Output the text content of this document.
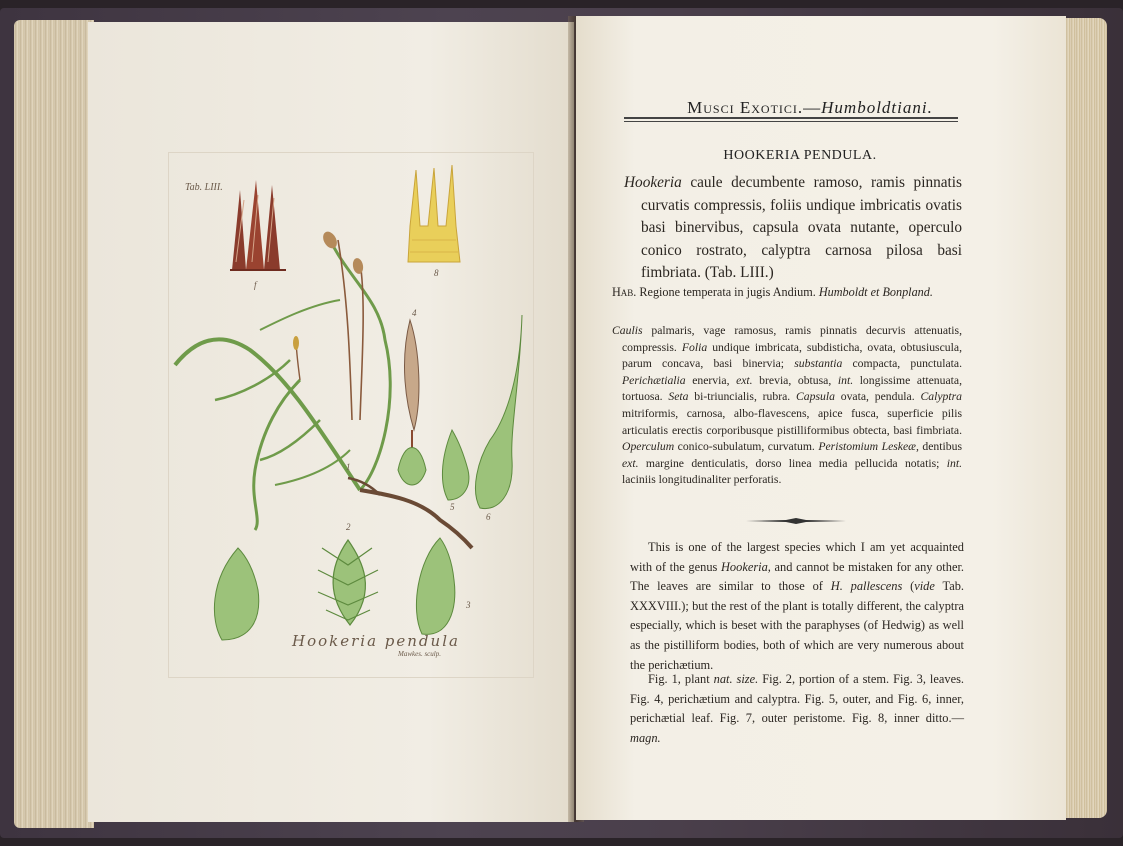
Tab. LIII.
f
8
4
1
5
6
2
3
Hookeria pendula
Mawkes. sculp.
Musci Exotici.—Humboldtiani.
HOOKERIA PENDULA.
Hookeria caule decumbente ramoso, ramis pinnatis curvatis compressis, foliis undique imbricatis ovatis basi binervibus, capsula ovata nutante, operculo conico rostrato, calyptra carnosa pilosa basi fimbriata. (Tab. LIII.)
Hab. Regione temperata in jugis Andium. Humboldt et Bonpland.
Caulis palmaris, vage ramosus, ramis pinnatis decurvis attenuatis, compressis. Folia undique imbricata, subdisticha, ovata, obtusiuscula, parum concava, basi binervia; substantia compacta, punctulata. Perichætialia enervia, ext. brevia, obtusa, int. longissime attenuata, tortuosa. Seta bi-triuncialis, rubra. Capsula ovata, pendula. Calyptra mitriformis, carnosa, albo-flavescens, apice fusca, superficie pilis articulatis erectis corporibusque pistilliformibus obtecta, basi fimbriata. Operculum conico-subulatum, curvatum. Peristomium Leskeæ, dentibus ext. margine denticulatis, dorso linea media pellucida notatis; int. laciniis longitudinaliter perforatis.
This is one of the largest species which I am yet acquainted with of the genus Hookeria, and cannot be mistaken for any other. The leaves are similar to those of H. pallescens (vide Tab. XXXVIII.); but the rest of the plant is totally different, the calyptra especially, which is beset with the paraphyses (of Hedwig) as well as the pistilliform bodies, both of which are very numerous about the perichætium.
Fig. 1, plant nat. size. Fig. 2, portion of a stem. Fig. 3, leaves. Fig. 4, perichætium and calyptra. Fig. 5, outer, and Fig. 6, inner, perichætial leaf. Fig. 7, outer peristome. Fig. 8, inner ditto.—magn.
